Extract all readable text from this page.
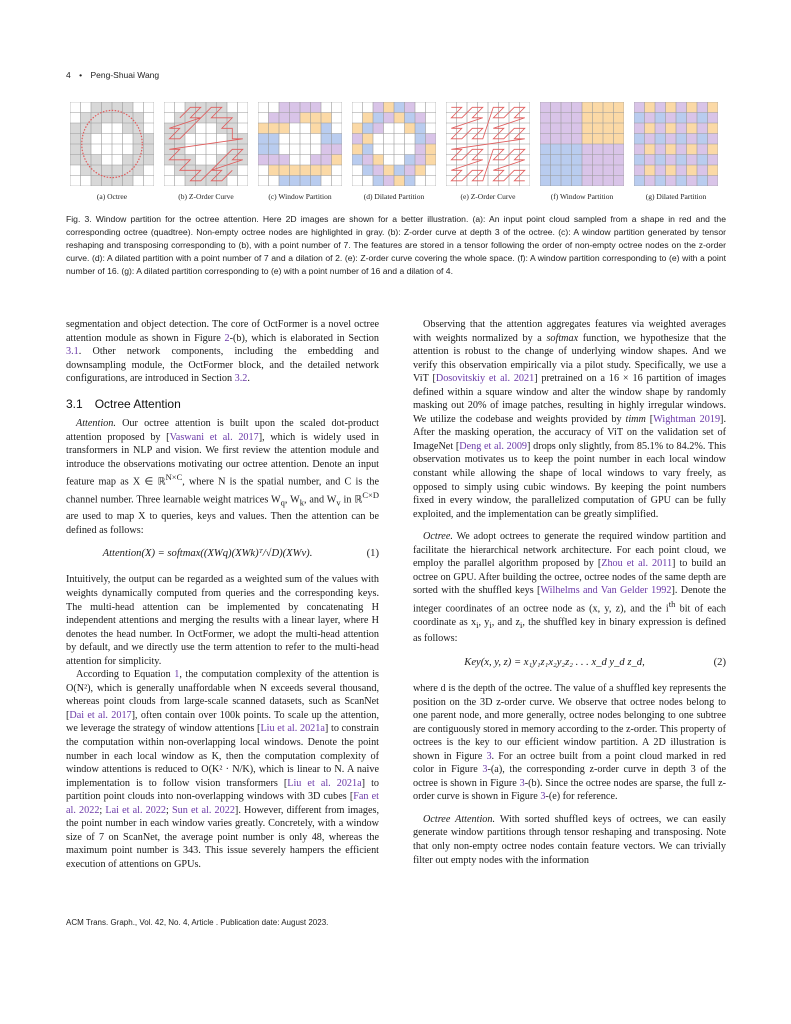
4 • Peng-Shuai Wang
(a) Octree	(b) Z-Order Curve	(c) Window Partition	(d) Dilated Partition	(e) Z-Order Curve	(f) Window Partition	(g) Dilated Partition
Fig. 3. Window partition for the octree attention. Here 2D images are shown for a better illustration. (a): An input point cloud sampled from a shape in red and the corresponding octree (quadtree). Non-empty octree nodes are highlighted in gray. (b): Z-order curve at depth 3 of the octree. (c): A window partition generated by tensor reshaping and transposing corresponding to (b), with a point number of 7. The features are stored in a tensor following the order of non-empty octree nodes on the z-order curve. (d): A dilated partition with a point number of 7 and a dilation of 2. (e): Z-order curve covering the whole space. (f): A window partition corresponding to (e) with a point number of 16. (g): A dilated partition corresponding to (e) with a point number of 16 and a dilation of 4.

segmentation and object detection. The core of OctFormer is a novel octree attention module as shown in Figure 2-(b), which is elaborated in Section 3.1. Other network components, including the embedding and downsampling module, the OctFormer block, and the detailed network configurations, are introduced in Section 3.2.

3.1 Octree Attention

Attention. Our octree attention is built upon the scaled dot-product attention proposed by [Vaswani et al. 2017], which is widely used in transformers in NLP and vision. We first review the attention module and introduce the observations motivating our octree attention. Denote an input feature map as X ∈ ℝ$^{N\times C}$, where N is the spatial number, and C is the channel number. Three learnable weight matrices $W_q$, $W_k$, and $W_v$ in ℝ$^{C\times D}$ are used to map X to queries, keys and values. Then the attention can be defined as follows:

Attention(X) = softmax((XWq)(XWk)ᵀ/√D)(XWv).	(1)

Intuitively, the output can be regarded as a weighted sum of the values with weights dynamically computed from queries and the corresponding keys. The multi-head attention can be implemented by concatenating H independent attentions and merging the results with a linear layer, where H denotes the head number. In OctFormer, we adopt the multi-head attention by default, and we directly use the term attention to refer to the multi-head attention for simplicity.

According to Equation 1, the computation complexity of the attention is O(N²), which is generally unaffordable when N exceeds several thousand, whereas point clouds from large-scale scanned datasets, such as ScanNet [Dai et al. 2017], often contain over 100k points. To scale up the attention, we leverage the strategy of window attentions [Liu et al. 2021a] to constrain the computation within non-overlapping local windows. Denote the point number in each local window as K, then the computation complexity of window attentions is reduced to O(K² · N/K), which is linear to N. A naive implementation is to follow vision transformers [Liu et al. 2021a] to partition point clouds into non-overlapping windows with 3D cubes [Fan et al. 2022; Lai et al. 2022; Sun et al. 2022]. However, different from images, the point number in each window varies greatly. Concretely, with a window size of 7 on ScanNet, the average point number is only 48, whereas the maximum point number is 343. This issue severely hampers the efficient execution of attentions on GPUs.

Observing that the attention aggregates features via weighted averages with weights normalized by a softmax function, we hypothesize that the attention is robust to the change of underlying window shapes. And we verify this observation empirically via a pilot study. Specifically, we use a ViT [Dosovitskiy et al. 2021] pretrained on a 16 × 16 partition of images defined within a square window and alter the window shape by randomly masking out 20% of image patches, resulting in highly irregular windows. We utilize the codebase and weights provided by timm [Wightman 2019]. After the masking operation, the accuracy of ViT on the validation set of ImageNet [Deng et al. 2009] drops only slightly, from 85.1% to 84.2%. This observation motivates us to keep the point number in each local window constant while allowing the shape of local windows to vary freely, as opposed to simply using cubic windows. By keeping the point numbers fixed in every window, the parallelized computation of GPU can be fully exploited, and the implementation can be greatly simplified.

Octree. We adopt octrees to generate the required window partition and facilitate the hierarchical network architecture. For each point cloud, we employ the parallel algorithm proposed by [Zhou et al. 2011] to build an octree on GPU. After building the octree, octree nodes of the same depth are sorted with the shuffled keys [Wilhelms and Van Gelder 1992]. Denote the integer coordinates of an octree node as (x, y, z), and the $i^{th}$ bit of each coordinate as $x_i$, $y_i$, and $z_i$, the shuffled key in binary expression is defined as follows:

Key(x, y, z) = x₁y₁z₁x₂y₂z₂ . . . x_d y_d z_d,	(2)

where d is the depth of the octree. The value of a shuffled key represents the position on the 3D z-order curve. We observe that octree nodes belong to one parent node, and more generally, octree nodes belonging to one subtree are contiguously stored in memory according to the z-order. This property of octrees is the key to our efficient window partition. A 2D illustration is shown in Figure 3. For an octree built from a point cloud marked in red color in Figure 3-(a), the corresponding z-order curve in depth 3 of the octree is shown in Figure 3-(b). Since the octree nodes are sparse, the full z-order curve is shown in Figure 3-(e) for reference.

Octree Attention. With sorted shuffled keys of octrees, we can easily generate window partitions through tensor reshaping and transposing. Note that only non-empty octree nodes contain feature vectors. We can trivially filter out empty nodes with the information

ACM Trans. Graph., Vol. 42, No. 4, Article . Publication date: August 2023.
